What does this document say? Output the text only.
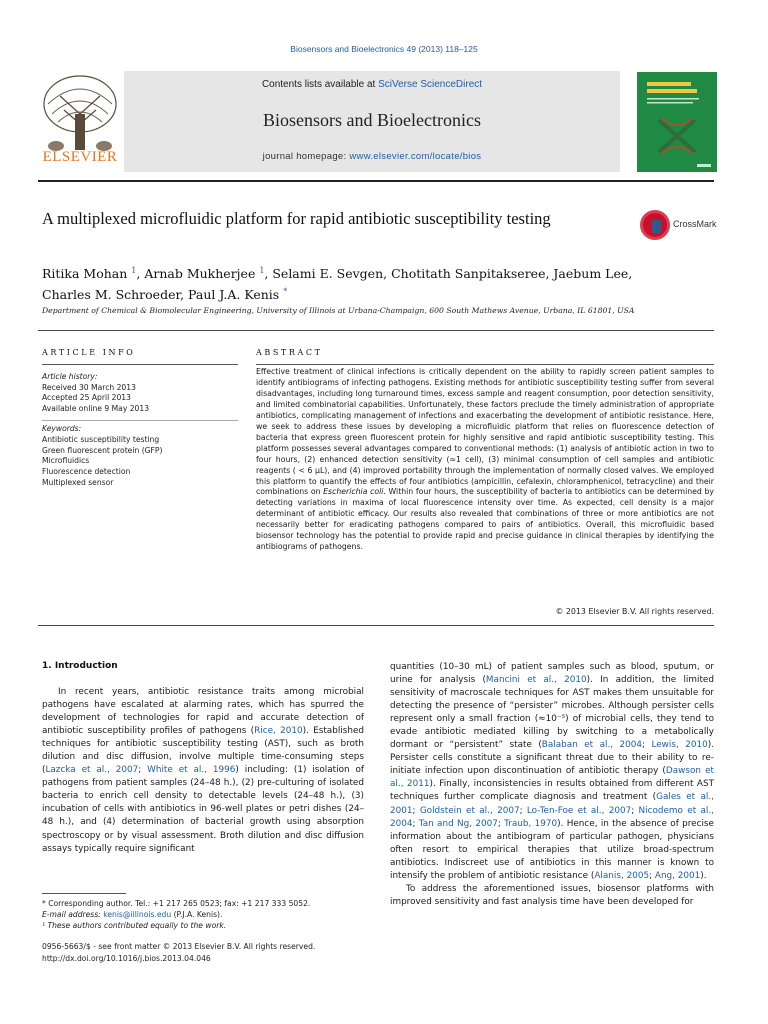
Biosensors and Bioelectronics 49 (2013) 118–125
ELSEVIER
Contents lists available at SciVerse ScienceDirect
Biosensors and Bioelectronics
journal homepage: www.elsevier.com/locate/bios
A multiplexed microfluidic platform for rapid antibiotic susceptibility testing	CrossMark
Ritika Mohan $^1$, Arnab Mukherjee $^1$, Selami E. Sevgen, Chotitath Sanpitakseree, Jaebum Lee,
Charles M. Schroeder, Paul J.A. Kenis *
Department of Chemical & Biomolecular Engineering, University of Illinois at Urbana-Champaign, 600 South Mathews Avenue, Urbana, IL 61801, USA
ARTICLE INFO	ABSTRACT
Article history:
Received 30 March 2013
Accepted 25 April 2013
Available online 9 May 2013
Keywords:
Antibiotic susceptibility testing
Green fluorescent protein (GFP)
Microfluidics
Fluorescence detection
Multiplexed sensor
Effective treatment of clinical infections is critically dependent on the ability to rapidly screen patient samples to identify antibiograms of infecting pathogens. Existing methods for antibiotic susceptibility testing suffer from several disadvantages, including long turnaround times, excess sample and reagent consumption, poor detection sensitivity, and limited combinatorial capabilities. Unfortunately, these factors preclude the timely administration of appropriate antibiotics, complicating management of infections and exacerbating the development of antibiotic resistance. Here, we seek to address these issues by developing a microfluidic platform that relies on fluorescence detection of bacteria that express green fluorescent protein for highly sensitive and rapid antibiotic susceptibility testing. This platform possesses several advantages compared to conventional methods: (1) analysis of antibiotic action in two to four hours, (2) enhanced detection sensitivity (≈1 cell), (3) minimal consumption of cell samples and antibiotic reagents ( < 6 μL), and (4) improved portability through the implementation of normally closed valves. We employed this platform to quantify the effects of four antibiotics (ampicillin, cefalexin, chloramphenicol, tetracycline) and their combinations on Escherichia coli. Within four hours, the susceptibility of bacteria to antibiotics can be determined by detecting variations in maxima of local fluorescence intensity over time. As expected, cell density is a major determinant of antibiotic efficacy. Our results also revealed that combinations of three or more antibiotics are not necessarily better for eradicating pathogens compared to pairs of antibiotics. Overall, this microfluidic based biosensor technology has the potential to provide rapid and precise guidance in clinical therapies by identifying the antibiograms of pathogens.
© 2013 Elsevier B.V. All rights reserved.
1. Introduction
In recent years, antibiotic resistance traits among microbial pathogens have escalated at alarming rates, which has spurred the development of technologies for rapid and accurate detection of antibiotic susceptibility profiles of pathogens (Rice, 2010). Established techniques for antibiotic susceptibility testing (AST), such as broth dilution and disc diffusion, involve multiple time-consuming steps (Lazcka et al., 2007; White et al., 1996) including: (1) isolation of pathogens from patient samples (24–48 h.), (2) pre-culturing of isolated bacteria to enrich cell density to detectable levels (24–48 h.), (3) incubation of cells with antibiotics in 96-well plates or petri dishes (24–48 h.), and (4) determination of bacterial growth using absorption spectroscopy or by visual assessment. Broth dilution and disc diffusion assays typically require significant
quantities (10–30 mL) of patient samples such as blood, sputum, or urine for analysis (Mancini et al., 2010). In addition, the limited sensitivity of macroscale techniques for AST makes them unsuitable for detecting the presence of “persister” microbes. Although persister cells represent only a small fraction (≈10⁻⁵) of microbial cells, they tend to evade antibiotic mediated killing by switching to a metabolically dormant or “persistent” state (Balaban et al., 2004; Lewis, 2010). Persister cells constitute a significant threat due to their ability to re-initiate infection upon discontinuation of antibiotic therapy (Dawson et al., 2011). Finally, inconsistencies in results obtained from different AST techniques further complicate diagnosis and treatment (Gales et al., 2001; Goldstein et al., 2007; Lo-Ten-Foe et al., 2007; Nicodemo et al., 2004; Tan and Ng, 2007; Traub, 1970). Hence, in the absence of precise information about the antibiogram of particular pathogen, physicians often resort to empirical therapies that utilize broad-spectrum antibiotics. Indiscreet use of antibiotics in this manner is known to intensify the problem of antibiotic resistance (Alanis, 2005; Ang, 2001).
To address the aforementioned issues, biosensor platforms with improved sensitivity and fast analysis time have been developed for
* Corresponding author. Tel.: +1 217 265 0523; fax: +1 217 333 5052.
E-mail address: kenis@illinois.edu (P.J.A. Kenis).
¹ These authors contributed equally to the work.
0956-5663/$ - see front matter © 2013 Elsevier B.V. All rights reserved.
http://dx.doi.org/10.1016/j.bios.2013.04.046
